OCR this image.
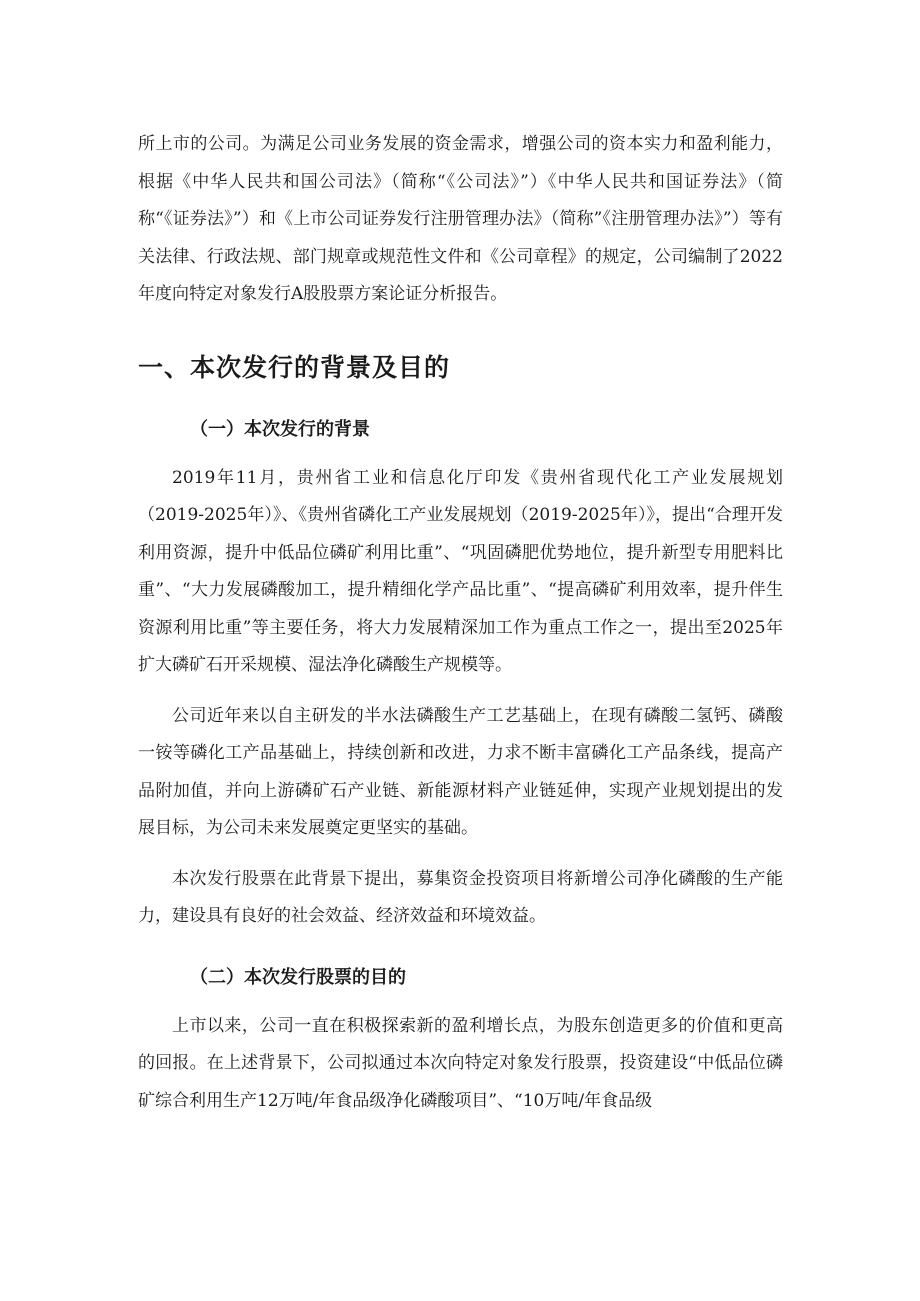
所上市的公司。为满足公司业务发展的资金需求，增强公司的资本实力和盈利能力，根据《中华人民共和国公司法》（简称“《公司法》”）《中华人民共和国证券法》（简称“《证券法》”）和《上市公司证券发行注册管理办法》（简称”《注册管理办法》”）等有关法律、行政法规、部门规章或规范性文件和《公司章程》的规定，公司编制了2022年度向特定对象发行A股股票方案论证分析报告。

一、本次发行的背景及目的
（一）本次发行的背景

2019年11月，贵州省工业和信息化厅印发《贵州省现代化工产业发展规划（2019-2025年）》、《贵州省磷化工产业发展规划（2019-2025年）》，提出“合理开发利用资源，提升中低品位磷矿利用比重”、“巩固磷肥优势地位，提升新型专用肥料比重”、“大力发展磷酸加工，提升精细化学产品比重”、“提高磷矿利用效率，提升伴生资源利用比重”等主要任务，将大力发展精深加工作为重点工作之一，提出至2025年扩大磷矿石开采规模、湿法净化磷酸生产规模等。

公司近年来以自主研发的半水法磷酸生产工艺基础上，在现有磷酸二氢钙、磷酸一铵等磷化工产品基础上，持续创新和改进，力求不断丰富磷化工产品条线，提高产品附加值，并向上游磷矿石产业链、新能源材料产业链延伸，实现产业规划提出的发展目标，为公司未来发展奠定更坚实的基础。

本次发行股票在此背景下提出，募集资金投资项目将新增公司净化磷酸的生产能力，建设具有良好的社会效益、经济效益和环境效益。

（二）本次发行股票的目的

上市以来，公司一直在积极探索新的盈利增长点，为股东创造更多的价值和更高的回报。在上述背景下，公司拟通过本次向特定对象发行股票，投资建设“中低品位磷矿综合利用生产12万吨/年食品级净化磷酸项目”、“10万吨/年食品级
